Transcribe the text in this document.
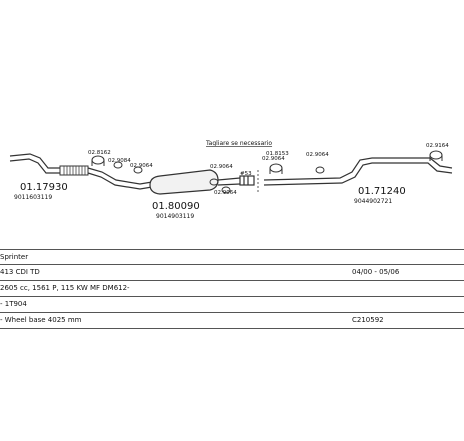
01.17930
9011603119
01.80090
9014903119
01.71240
9044902721
02.8162
02.9084
02.9064	02.9064
02.9064
02.9064
01.8153	02.9064
02.9164
#53
Tagliare se necessario
Sprinter
413 CDI TD	04/00 - 05/06
2605 cc, 1561 P, 115 KW MF DM612-
- 1T904
- Wheel base 4025 mm	C210592
